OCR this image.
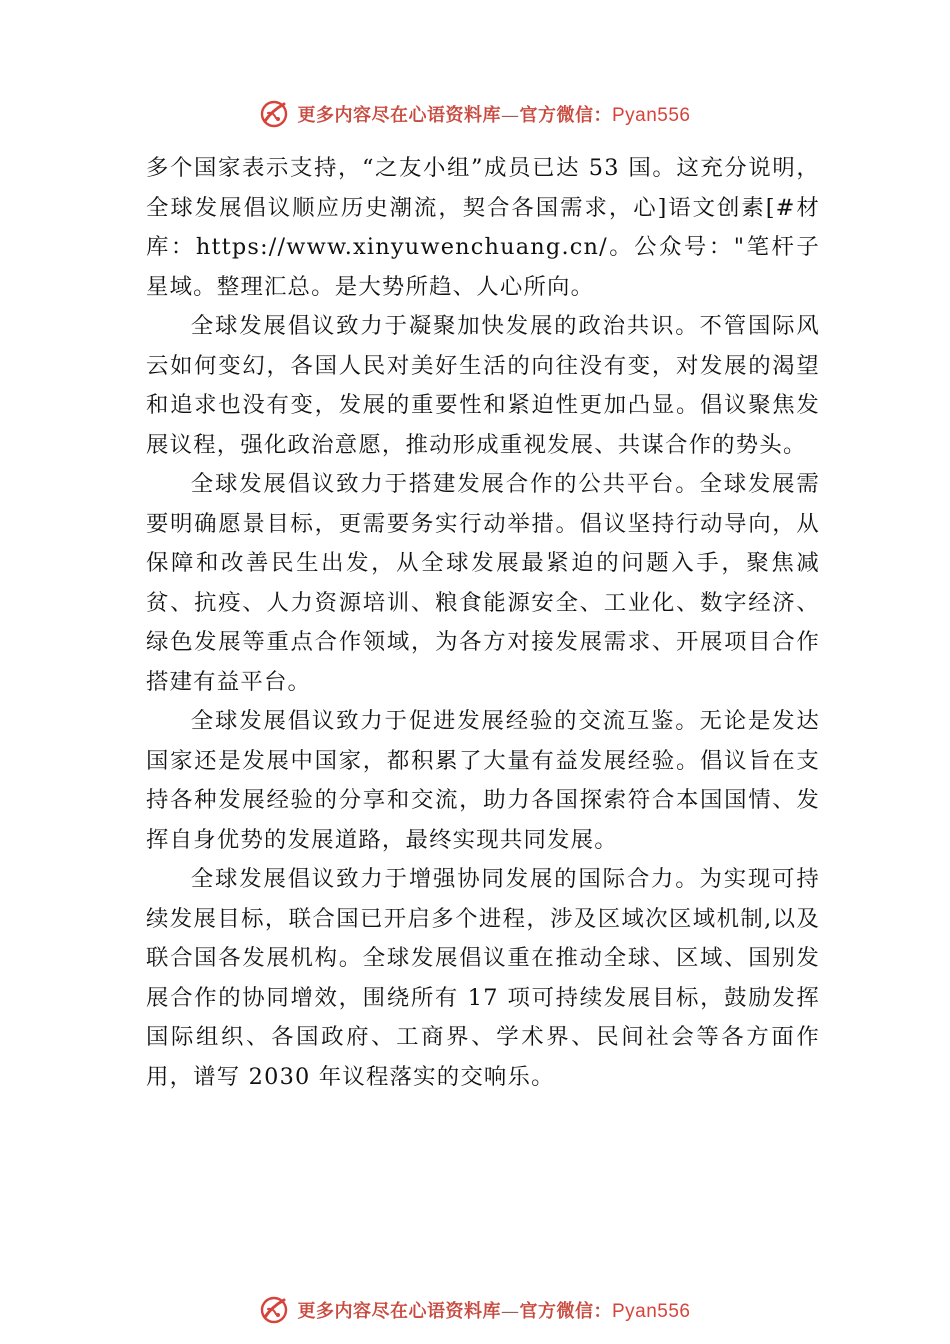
更多内容尽在心语资料库—官方微信：Pyan556

多个国家表示支持，“之友小组”成员已达 53 国。这充分说明，全球发展倡议顺应历史潮流，契合各国需求，心]语文创素[#材库：https://www.xinyuwenchuang.cn/。公众号："笔杆子星域。整理汇总。是大势所趋、人心所向。

全球发展倡议致力于凝聚加快发展的政治共识。不管国际风云如何变幻，各国人民对美好生活的向往没有变，对发展的渴望和追求也没有变，发展的重要性和紧迫性更加凸显。倡议聚焦发展议程，强化政治意愿，推动形成重视发展、共谋合作的势头。

全球发展倡议致力于搭建发展合作的公共平台。全球发展需要明确愿景目标，更需要务实行动举措。倡议坚持行动导向，从保障和改善民生出发，从全球发展最紧迫的问题入手，聚焦减贫、抗疫、人力资源培训、粮食能源安全、工业化、数字经济、绿色发展等重点合作领域，为各方对接发展需求、开展项目合作搭建有益平台。

全球发展倡议致力于促进发展经验的交流互鉴。无论是发达国家还是发展中国家，都积累了大量有益发展经验。倡议旨在支持各种发展经验的分享和交流，助力各国探索符合本国国情、发挥自身优势的发展道路，最终实现共同发展。

全球发展倡议致力于增强协同发展的国际合力。为实现可持续发展目标，联合国已开启多个进程，涉及区域次区域机制,以及联合国各发展机构。全球发展倡议重在推动全球、区域、国别发展合作的协同增效，围绕所有 17 项可持续发展目标，鼓励发挥国际组织、各国政府、工商界、学术界、民间社会等各方面作用，谱写 2030 年议程落实的交响乐。

更多内容尽在心语资料库—官方微信：Pyan556
